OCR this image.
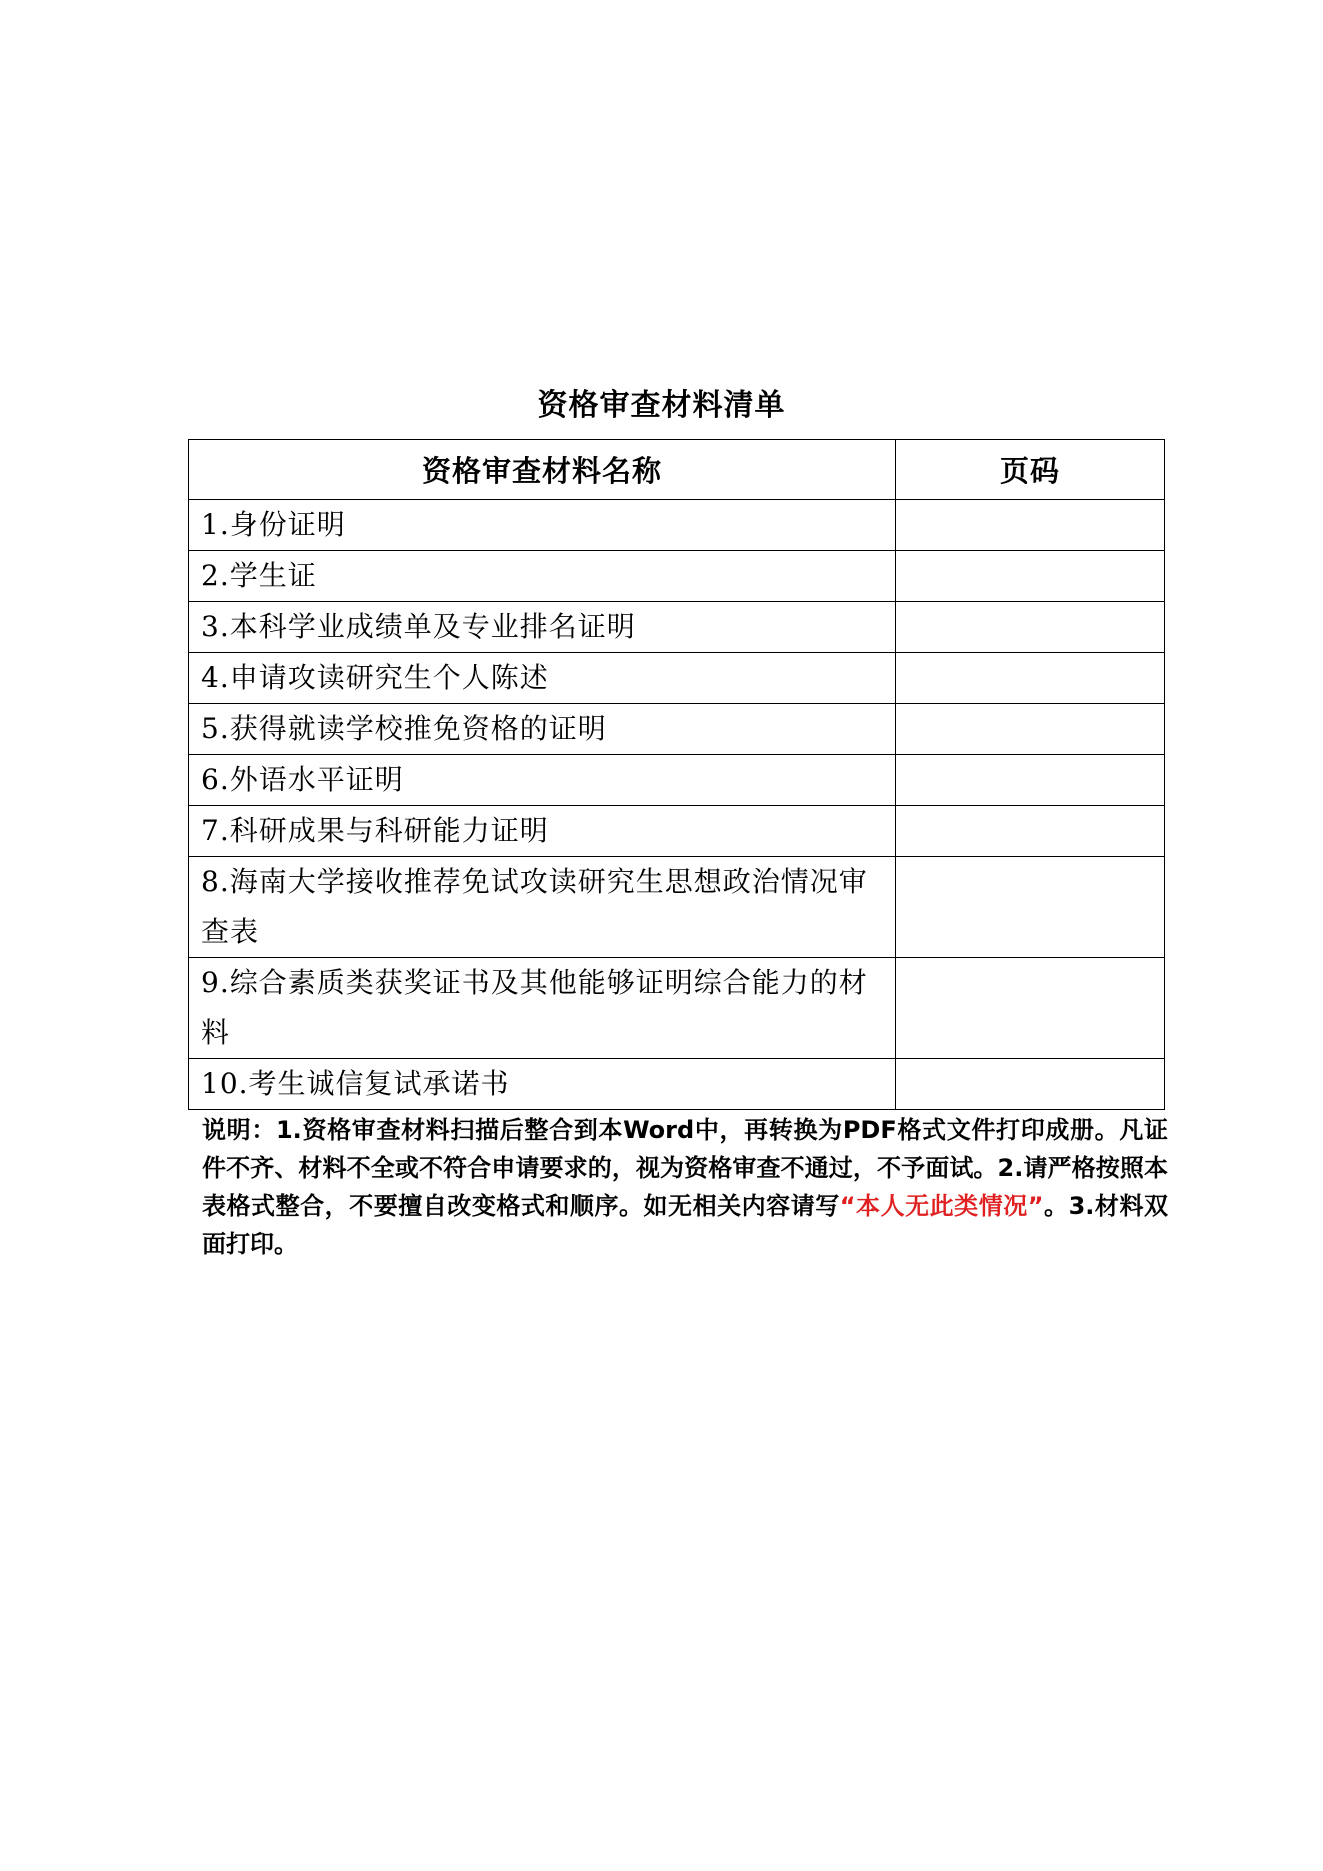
资格审查材料清单
资格审查材料名称	页码
1.身份证明	
2.学生证	
3.本科学业成绩单及专业排名证明	
4.申请攻读研究生个人陈述	
5.获得就读学校推免资格的证明	
6.外语水平证明	
7.科研成果与科研能力证明	
8.海南大学接收推荐免试攻读研究生思想政治情况审查表	
9.综合素质类获奖证书及其他能够证明综合能力的材料	
10.考生诚信复试承诺书	
说明：1.资格审查材料扫描后整合到本Word中，再转换为PDF格式文件打印成册。凡证件不齐、材料不全或不符合申请要求的，视为资格审查不通过，不予面试。2.请严格按照本表格式整合，不要擅自改变格式和顺序。如无相关内容请写“本人无此类情况”。3.材料双面打印。
